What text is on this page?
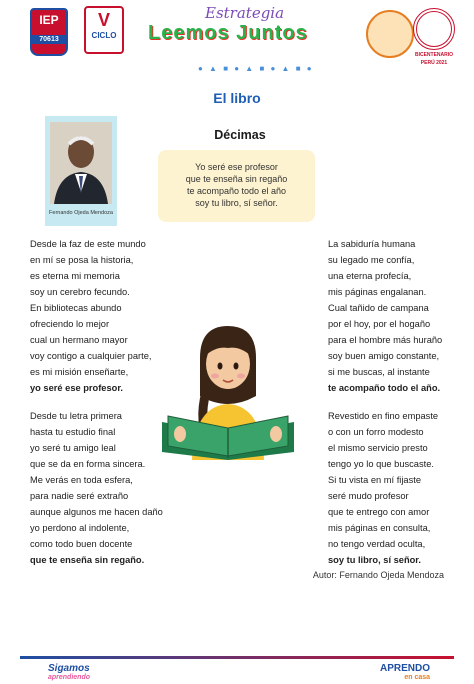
IEP
70613
V
CICLO
Estrategia
Leemos Juntos
● ▲ ■ ● ▲ ■ ● ▲ ■ ●
BICENTENARIO
PERÚ 2021
El libro
Fernando Ojeda Mendoza
Décimas
Yo seré ese profesor
que te enseña sin regaño
te acompaño todo el año
soy tu libro, sí señor.
Desde la faz de este mundo
en mí se posa la historia,
es eterna mi memoria
soy un cerebro fecundo.
En bibliotecas abundo
ofreciendo lo mejor
cual un hermano mayor
voy contigo a cualquier parte,
es mi misión enseñarte,
yo seré ese profesor.
Desde tu letra primera
hasta tu estudio final
yo seré tu amigo leal
que se da en forma sincera.
Me verás en toda esfera,
para nadie seré extraño
aunque algunos me hacen daño
yo perdono al indolente,
como todo buen docente
que te enseña sin regaño.
La sabiduría humana
su legado me confía,
una eterna profecía,
mis páginas engalanan.
Cual tañido de campana
por el hoy, por el hogaño
para el hombre más huraño
soy buen amigo constante,
si me buscas, al instante
te acompaño todo el año.
Revestido en fino empaste
o con un forro modesto
el mismo servicio presto
tengo yo lo que buscaste.
Si tu vista en mí fijaste
seré mudo profesor
que te entrego con amor
mis páginas en consulta,
no tengo verdad oculta,
soy tu libro, sí señor.
Autor: Fernando Ojeda Mendoza
Sigamos
aprendiendo
APRENDO
en casa
